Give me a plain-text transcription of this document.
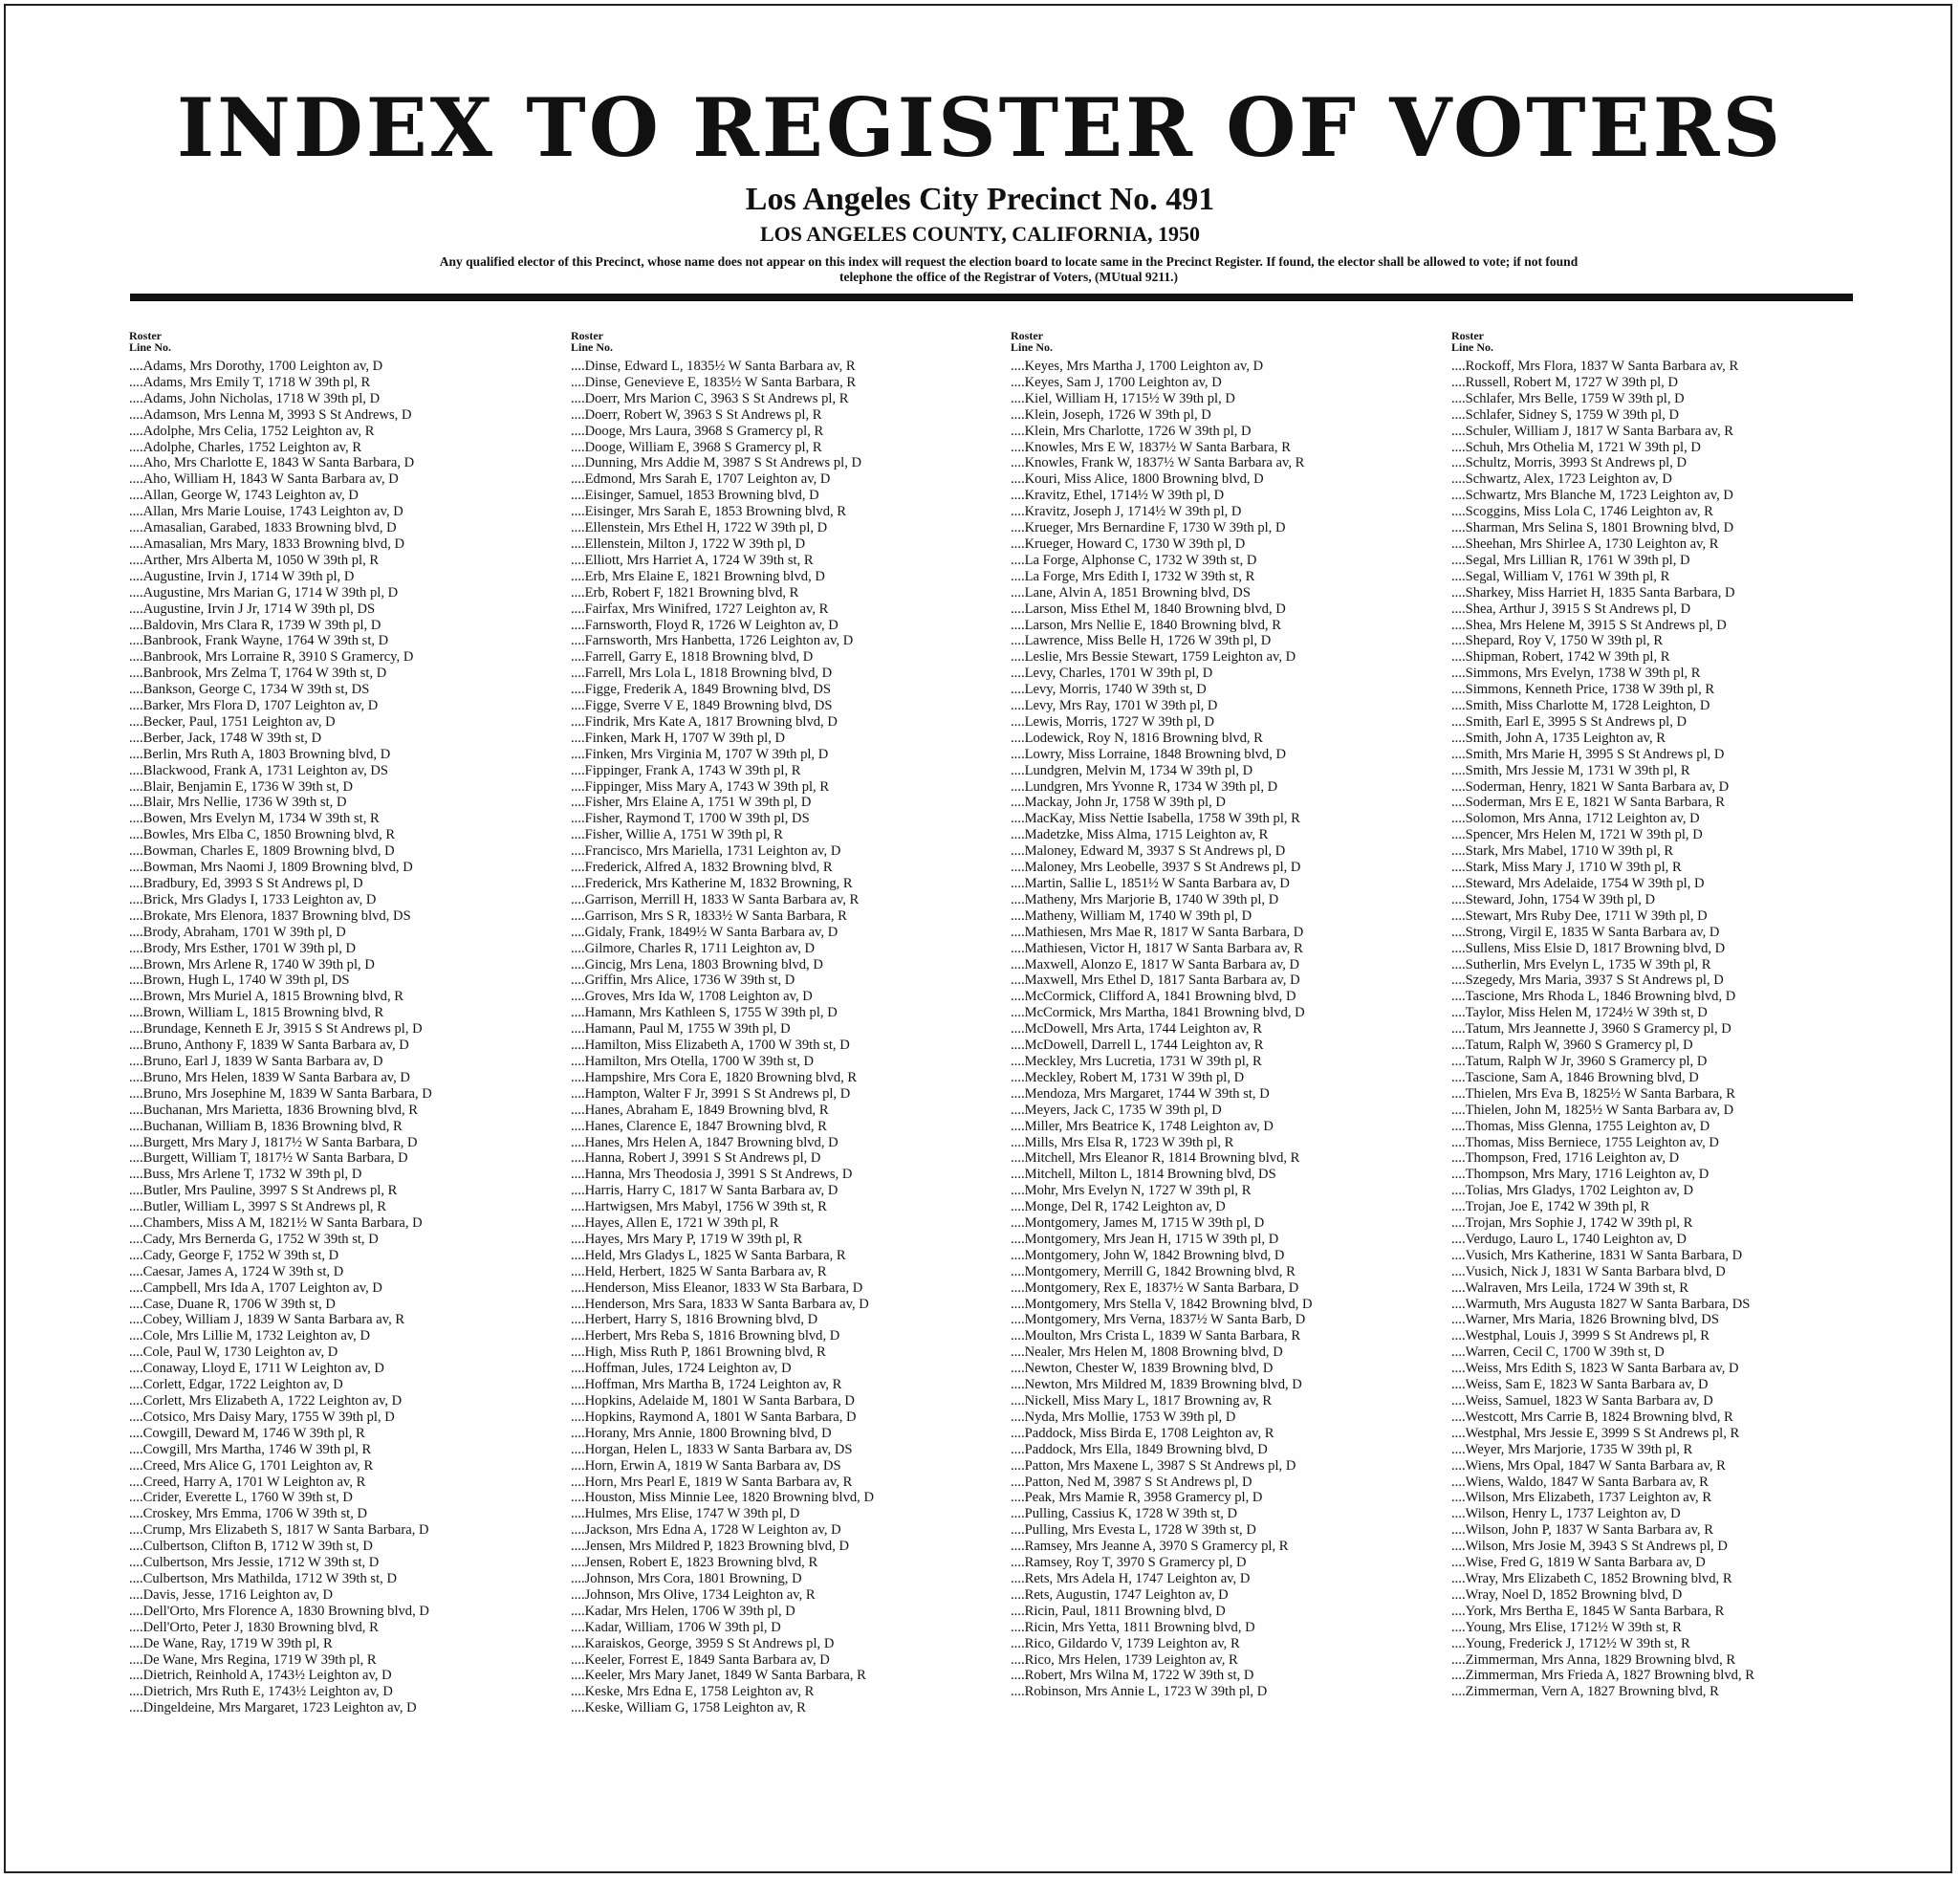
INDEX TO REGISTER OF VOTERS
Los Angeles City Precinct No. 491
LOS ANGELES COUNTY, CALIFORNIA, 1950

Any qualified elector of this Precinct, whose name does not appear on this index will request the election board to locate same in the Precinct Register. If found, the elector shall be allowed to vote; if not found telephone the office of the Registrar of Voters, (MUtual 9211.)

Roster
Line No.
....Adams, Mrs Dorothy, 1700 Leighton av, D
....Adams, Mrs Emily T, 1718 W 39th pl, R
....Adams, John Nicholas, 1718 W 39th pl, D
....Adamson, Mrs Lenna M, 3993 S St Andrews, D
....Adolphe, Mrs Celia, 1752 Leighton av, R
....Adolphe, Charles, 1752 Leighton av, R
....Aho, Mrs Charlotte E, 1843 W Santa Barbara, D
....Aho, William H, 1843 W Santa Barbara av, D
....Allan, George W, 1743 Leighton av, D
....Allan, Mrs Marie Louise, 1743 Leighton av, D
....Amasalian, Garabed, 1833 Browning blvd, D
....Amasalian, Mrs Mary, 1833 Browning blvd, D
....Arther, Mrs Alberta M, 1050 W 39th pl, R
....Augustine, Irvin J, 1714 W 39th pl, D
....Augustine, Mrs Marian G, 1714 W 39th pl, D
....Augustine, Irvin J Jr, 1714 W 39th pl, DS
....Baldovin, Mrs Clara R, 1739 W 39th pl, D
....Banbrook, Frank Wayne, 1764 W 39th st, D
....Banbrook, Mrs Lorraine R, 3910 S Gramercy, D
....Banbrook, Mrs Zelma T, 1764 W 39th st, D
....Bankson, George C, 1734 W 39th st, DS
....Barker, Mrs Flora D, 1707 Leighton av, D
....Becker, Paul, 1751 Leighton av, D
....Berber, Jack, 1748 W 39th st, D
....Berlin, Mrs Ruth A, 1803 Browning blvd, D
....Blackwood, Frank A, 1731 Leighton av, DS
....Blair, Benjamin E, 1736 W 39th st, D
....Blair, Mrs Nellie, 1736 W 39th st, D
....Bowen, Mrs Evelyn M, 1734 W 39th st, R
....Bowles, Mrs Elba C, 1850 Browning blvd, R
....Bowman, Charles E, 1809 Browning blvd, D
....Bowman, Mrs Naomi J, 1809 Browning blvd, D
....Bradbury, Ed, 3993 S St Andrews pl, D
....Brick, Mrs Gladys I, 1733 Leighton av, D
....Brokate, Mrs Elenora, 1837 Browning blvd, DS
....Brody, Abraham, 1701 W 39th pl, D
....Brody, Mrs Esther, 1701 W 39th pl, D
....Brown, Mrs Arlene R, 1740 W 39th pl, D
....Brown, Hugh L, 1740 W 39th pl, DS
....Brown, Mrs Muriel A, 1815 Browning blvd, R
....Brown, William L, 1815 Browning blvd, R
....Brundage, Kenneth E Jr, 3915 S St Andrews pl, D
....Bruno, Anthony F, 1839 W Santa Barbara av, D
....Bruno, Earl J, 1839 W Santa Barbara av, D
....Bruno, Mrs Helen, 1839 W Santa Barbara av, D
....Bruno, Mrs Josephine M, 1839 W Santa Barbara, D
....Buchanan, Mrs Marietta, 1836 Browning blvd, R
....Buchanan, William B, 1836 Browning blvd, R
....Burgett, Mrs Mary J, 1817½ W Santa Barbara, D
....Burgett, William T, 1817½ W Santa Barbara, D
....Buss, Mrs Arlene T, 1732 W 39th pl, D
....Butler, Mrs Pauline, 3997 S St Andrews pl, R
....Butler, William L, 3997 S St Andrews pl, R
....Chambers, Miss A M, 1821½ W Santa Barbara, D
....Cady, Mrs Bernerda G, 1752 W 39th st, D
....Cady, George F, 1752 W 39th st, D
....Caesar, James A, 1724 W 39th st, D
....Campbell, Mrs Ida A, 1707 Leighton av, D
....Case, Duane R, 1706 W 39th st, D
....Cobey, William J, 1839 W Santa Barbara av, R
....Cole, Mrs Lillie M, 1732 Leighton av, D
....Cole, Paul W, 1730 Leighton av, D
....Conaway, Lloyd E, 1711 W Leighton av, D
....Corlett, Edgar, 1722 Leighton av, D
....Corlett, Mrs Elizabeth A, 1722 Leighton av, D
....Cotsico, Mrs Daisy Mary, 1755 W 39th pl, D
....Cowgill, Deward M, 1746 W 39th pl, R
....Cowgill, Mrs Martha, 1746 W 39th pl, R
....Creed, Mrs Alice G, 1701 Leighton av, R
....Creed, Harry A, 1701 W Leighton av, R
....Crider, Everette L, 1760 W 39th st, D
....Croskey, Mrs Emma, 1706 W 39th st, D
....Crump, Mrs Elizabeth S, 1817 W Santa Barbara, D
....Culbertson, Clifton B, 1712 W 39th st, D
....Culbertson, Mrs Jessie, 1712 W 39th st, D
....Culbertson, Mrs Mathilda, 1712 W 39th st, D
....Davis, Jesse, 1716 Leighton av, D
....Dell'Orto, Mrs Florence A, 1830 Browning blvd, D
....Dell'Orto, Peter J, 1830 Browning blvd, R
....De Wane, Ray, 1719 W 39th pl, R
....De Wane, Mrs Regina, 1719 W 39th pl, R
....Dietrich, Reinhold A, 1743½ Leighton av, D
....Dietrich, Mrs Ruth E, 1743½ Leighton av, D
....Dingeldeine, Mrs Margaret, 1723 Leighton av, D
Roster
Line No.
....Dinse, Edward L, 1835½ W Santa Barbara av, R
....Dinse, Genevieve E, 1835½ W Santa Barbara, R
....Doerr, Mrs Marion C, 3963 S St Andrews pl, R
....Doerr, Robert W, 3963 S St Andrews pl, R
....Dooge, Mrs Laura, 3968 S Gramercy pl, R
....Dooge, William E, 3968 S Gramercy pl, R
....Dunning, Mrs Addie M, 3987 S St Andrews pl, D
....Edmond, Mrs Sarah E, 1707 Leighton av, D
....Eisinger, Samuel, 1853 Browning blvd, D
....Eisinger, Mrs Sarah E, 1853 Browning blvd, R
....Ellenstein, Mrs Ethel H, 1722 W 39th pl, D
....Ellenstein, Milton J, 1722 W 39th pl, D
....Elliott, Mrs Harriet A, 1724 W 39th st, R
....Erb, Mrs Elaine E, 1821 Browning blvd, D
....Erb, Robert F, 1821 Browning blvd, R
....Fairfax, Mrs Winifred, 1727 Leighton av, R
....Farnsworth, Floyd R, 1726 W Leighton av, D
....Farnsworth, Mrs Hanbetta, 1726 Leighton av, D
....Farrell, Garry E, 1818 Browning blvd, D
....Farrell, Mrs Lola L, 1818 Browning blvd, D
....Figge, Frederik A, 1849 Browning blvd, DS
....Figge, Sverre V E, 1849 Browning blvd, DS
....Findrik, Mrs Kate A, 1817 Browning blvd, D
....Finken, Mark H, 1707 W 39th pl, D
....Finken, Mrs Virginia M, 1707 W 39th pl, D
....Fippinger, Frank A, 1743 W 39th pl, R
....Fippinger, Miss Mary A, 1743 W 39th pl, R
....Fisher, Mrs Elaine A, 1751 W 39th pl, D
....Fisher, Raymond T, 1700 W 39th pl, DS
....Fisher, Willie A, 1751 W 39th pl, R
....Francisco, Mrs Mariella, 1731 Leighton av, D
....Frederick, Alfred A, 1832 Browning blvd, R
....Frederick, Mrs Katherine M, 1832 Browning, R
....Garrison, Merrill H, 1833 W Santa Barbara av, R
....Garrison, Mrs S R, 1833½ W Santa Barbara, R
....Gidaly, Frank, 1849½ W Santa Barbara av, D
....Gilmore, Charles R, 1711 Leighton av, D
....Gincig, Mrs Lena, 1803 Browning blvd, D
....Griffin, Mrs Alice, 1736 W 39th st, D
....Groves, Mrs Ida W, 1708 Leighton av, D
....Hamann, Mrs Kathleen S, 1755 W 39th pl, D
....Hamann, Paul M, 1755 W 39th pl, D
....Hamilton, Miss Elizabeth A, 1700 W 39th st, D
....Hamilton, Mrs Otella, 1700 W 39th st, D
....Hampshire, Mrs Cora E, 1820 Browning blvd, R
....Hampton, Walter F Jr, 3991 S St Andrews pl, D
....Hanes, Abraham E, 1849 Browning blvd, R
....Hanes, Clarence E, 1847 Browning blvd, R
....Hanes, Mrs Helen A, 1847 Browning blvd, D
....Hanna, Robert J, 3991 S St Andrews pl, D
....Hanna, Mrs Theodosia J, 3991 S St Andrews, D
....Harris, Harry C, 1817 W Santa Barbara av, D
....Hartwigsen, Mrs Mabyl, 1756 W 39th st, R
....Hayes, Allen E, 1721 W 39th pl, R
....Hayes, Mrs Mary P, 1719 W 39th pl, R
....Held, Mrs Gladys L, 1825 W Santa Barbara, R
....Held, Herbert, 1825 W Santa Barbara av, R
....Henderson, Miss Eleanor, 1833 W Sta Barbara, D
....Henderson, Mrs Sara, 1833 W Santa Barbara av, D
....Herbert, Harry S, 1816 Browning blvd, D
....Herbert, Mrs Reba S, 1816 Browning blvd, D
....High, Miss Ruth P, 1861 Browning blvd, R
....Hoffman, Jules, 1724 Leighton av, D
....Hoffman, Mrs Martha B, 1724 Leighton av, R
....Hopkins, Adelaide M, 1801 W Santa Barbara, D
....Hopkins, Raymond A, 1801 W Santa Barbara, D
....Horany, Mrs Annie, 1800 Browning blvd, D
....Horgan, Helen L, 1833 W Santa Barbara av, DS
....Horn, Erwin A, 1819 W Santa Barbara av, DS
....Horn, Mrs Pearl E, 1819 W Santa Barbara av, R
....Houston, Miss Minnie Lee, 1820 Browning blvd, D
....Hulmes, Mrs Elise, 1747 W 39th pl, D
....Jackson, Mrs Edna A, 1728 W Leighton av, D
....Jensen, Mrs Mildred P, 1823 Browning blvd, D
....Jensen, Robert E, 1823 Browning blvd, R
....Johnson, Mrs Cora, 1801 Browning, D
....Johnson, Mrs Olive, 1734 Leighton av, R
....Kadar, Mrs Helen, 1706 W 39th pl, D
....Kadar, William, 1706 W 39th pl, D
....Karaiskos, George, 3959 S St Andrews pl, D
....Keeler, Forrest E, 1849 Santa Barbara av, D
....Keeler, Mrs Mary Janet, 1849 W Santa Barbara, R
....Keske, Mrs Edna E, 1758 Leighton av, R
....Keske, William G, 1758 Leighton av, R
Roster
Line No.
....Keyes, Mrs Martha J, 1700 Leighton av, D
....Keyes, Sam J, 1700 Leighton av, D
....Kiel, William H, 1715½ W 39th pl, D
....Klein, Joseph, 1726 W 39th pl, D
....Klein, Mrs Charlotte, 1726 W 39th pl, D
....Knowles, Mrs E W, 1837½ W Santa Barbara, R
....Knowles, Frank W, 1837½ W Santa Barbara av, R
....Kouri, Miss Alice, 1800 Browning blvd, D
....Kravitz, Ethel, 1714½ W 39th pl, D
....Kravitz, Joseph J, 1714½ W 39th pl, D
....Krueger, Mrs Bernardine F, 1730 W 39th pl, D
....Krueger, Howard C, 1730 W 39th pl, D
....La Forge, Alphonse C, 1732 W 39th st, D
....La Forge, Mrs Edith I, 1732 W 39th st, R
....Lane, Alvin A, 1851 Browning blvd, DS
....Larson, Miss Ethel M, 1840 Browning blvd, D
....Larson, Mrs Nellie E, 1840 Browning blvd, R
....Lawrence, Miss Belle H, 1726 W 39th pl, D
....Leslie, Mrs Bessie Stewart, 1759 Leighton av, D
....Levy, Charles, 1701 W 39th pl, D
....Levy, Morris, 1740 W 39th st, D
....Levy, Mrs Ray, 1701 W 39th pl, D
....Lewis, Morris, 1727 W 39th pl, D
....Lodewick, Roy N, 1816 Browning blvd, R
....Lowry, Miss Lorraine, 1848 Browning blvd, D
....Lundgren, Melvin M, 1734 W 39th pl, D
....Lundgren, Mrs Yvonne R, 1734 W 39th pl, D
....Mackay, John Jr, 1758 W 39th pl, D
....MacKay, Miss Nettie Isabella, 1758 W 39th pl, R
....Madetzke, Miss Alma, 1715 Leighton av, R
....Maloney, Edward M, 3937 S St Andrews pl, D
....Maloney, Mrs Leobelle, 3937 S St Andrews pl, D
....Martin, Sallie L, 1851½ W Santa Barbara av, D
....Matheny, Mrs Marjorie B, 1740 W 39th pl, D
....Matheny, William M, 1740 W 39th pl, D
....Mathiesen, Mrs Mae R, 1817 W Santa Barbara, D
....Mathiesen, Victor H, 1817 W Santa Barbara av, R
....Maxwell, Alonzo E, 1817 W Santa Barbara av, D
....Maxwell, Mrs Ethel D, 1817 Santa Barbara av, D
....McCormick, Clifford A, 1841 Browning blvd, D
....McCormick, Mrs Martha, 1841 Browning blvd, D
....McDowell, Mrs Arta, 1744 Leighton av, R
....McDowell, Darrell L, 1744 Leighton av, R
....Meckley, Mrs Lucretia, 1731 W 39th pl, R
....Meckley, Robert M, 1731 W 39th pl, D
....Mendoza, Mrs Margaret, 1744 W 39th st, D
....Meyers, Jack C, 1735 W 39th pl, D
....Miller, Mrs Beatrice K, 1748 Leighton av, D
....Mills, Mrs Elsa R, 1723 W 39th pl, R
....Mitchell, Mrs Eleanor R, 1814 Browning blvd, R
....Mitchell, Milton L, 1814 Browning blvd, DS
....Mohr, Mrs Evelyn N, 1727 W 39th pl, R
....Monge, Del R, 1742 Leighton av, D
....Montgomery, James M, 1715 W 39th pl, D
....Montgomery, Mrs Jean H, 1715 W 39th pl, D
....Montgomery, John W, 1842 Browning blvd, D
....Montgomery, Merrill G, 1842 Browning blvd, R
....Montgomery, Rex E, 1837½ W Santa Barbara, D
....Montgomery, Mrs Stella V, 1842 Browning blvd, D
....Montgomery, Mrs Verna, 1837½ W Santa Barb, D
....Moulton, Mrs Crista L, 1839 W Santa Barbara, R
....Nealer, Mrs Helen M, 1808 Browning blvd, D
....Newton, Chester W, 1839 Browning blvd, D
....Newton, Mrs Mildred M, 1839 Browning blvd, D
....Nickell, Miss Mary L, 1817 Browning av, R
....Nyda, Mrs Mollie, 1753 W 39th pl, D
....Paddock, Miss Birda E, 1708 Leighton av, R
....Paddock, Mrs Ella, 1849 Browning blvd, D
....Patton, Mrs Maxene L, 3987 S St Andrews pl, D
....Patton, Ned M, 3987 S St Andrews pl, D
....Peak, Mrs Mamie R, 3958 Gramercy pl, D
....Pulling, Cassius K, 1728 W 39th st, D
....Pulling, Mrs Evesta L, 1728 W 39th st, D
....Ramsey, Mrs Jeanne A, 3970 S Gramercy pl, R
....Ramsey, Roy T, 3970 S Gramercy pl, D
....Rets, Mrs Adela H, 1747 Leighton av, D
....Rets, Augustin, 1747 Leighton av, D
....Ricin, Paul, 1811 Browning blvd, D
....Ricin, Mrs Yetta, 1811 Browning blvd, D
....Rico, Gildardo V, 1739 Leighton av, R
....Rico, Mrs Helen, 1739 Leighton av, R
....Robert, Mrs Wilna M, 1722 W 39th st, D
....Robinson, Mrs Annie L, 1723 W 39th pl, D
Roster
Line No.
....Rockoff, Mrs Flora, 1837 W Santa Barbara av, R
....Russell, Robert M, 1727 W 39th pl, D
....Schlafer, Mrs Belle, 1759 W 39th pl, D
....Schlafer, Sidney S, 1759 W 39th pl, D
....Schuler, William J, 1817 W Santa Barbara av, R
....Schuh, Mrs Othelia M, 1721 W 39th pl, D
....Schultz, Morris, 3993 St Andrews pl, D
....Schwartz, Alex, 1723 Leighton av, D
....Schwartz, Mrs Blanche M, 1723 Leighton av, D
....Scoggins, Miss Lola C, 1746 Leighton av, R
....Sharman, Mrs Selina S, 1801 Browning blvd, D
....Sheehan, Mrs Shirlee A, 1730 Leighton av, R
....Segal, Mrs Lillian R, 1761 W 39th pl, D
....Segal, William V, 1761 W 39th pl, R
....Sharkey, Miss Harriet H, 1835 Santa Barbara, D
....Shea, Arthur J, 3915 S St Andrews pl, D
....Shea, Mrs Helene M, 3915 S St Andrews pl, D
....Shepard, Roy V, 1750 W 39th pl, R
....Shipman, Robert, 1742 W 39th pl, R
....Simmons, Mrs Evelyn, 1738 W 39th pl, R
....Simmons, Kenneth Price, 1738 W 39th pl, R
....Smith, Miss Charlotte M, 1728 Leighton, D
....Smith, Earl E, 3995 S St Andrews pl, D
....Smith, John A, 1735 Leighton av, R
....Smith, Mrs Marie H, 3995 S St Andrews pl, D
....Smith, Mrs Jessie M, 1731 W 39th pl, R
....Soderman, Henry, 1821 W Santa Barbara av, D
....Soderman, Mrs E E, 1821 W Santa Barbara, R
....Solomon, Mrs Anna, 1712 Leighton av, D
....Spencer, Mrs Helen M, 1721 W 39th pl, D
....Stark, Mrs Mabel, 1710 W 39th pl, R
....Stark, Miss Mary J, 1710 W 39th pl, R
....Steward, Mrs Adelaide, 1754 W 39th pl, D
....Steward, John, 1754 W 39th pl, D
....Stewart, Mrs Ruby Dee, 1711 W 39th pl, D
....Strong, Virgil E, 1835 W Santa Barbara av, D
....Sullens, Miss Elsie D, 1817 Browning blvd, D
....Sutherlin, Mrs Evelyn L, 1735 W 39th pl, R
....Szegedy, Mrs Maria, 3937 S St Andrews pl, D
....Tascione, Mrs Rhoda L, 1846 Browning blvd, D
....Taylor, Miss Helen M, 1724½ W 39th st, D
....Tatum, Mrs Jeannette J, 3960 S Gramercy pl, D
....Tatum, Ralph W, 3960 S Gramercy pl, D
....Tatum, Ralph W Jr, 3960 S Gramercy pl, D
....Tascione, Sam A, 1846 Browning blvd, D
....Thielen, Mrs Eva B, 1825½ W Santa Barbara, R
....Thielen, John M, 1825½ W Santa Barbara av, D
....Thomas, Miss Glenna, 1755 Leighton av, D
....Thomas, Miss Berniece, 1755 Leighton av, D
....Thompson, Fred, 1716 Leighton av, D
....Thompson, Mrs Mary, 1716 Leighton av, D
....Tolias, Mrs Gladys, 1702 Leighton av, D
....Trojan, Joe E, 1742 W 39th pl, R
....Trojan, Mrs Sophie J, 1742 W 39th pl, R
....Verdugo, Lauro L, 1740 Leighton av, D
....Vusich, Mrs Katherine, 1831 W Santa Barbara, D
....Vusich, Nick J, 1831 W Santa Barbara blvd, D
....Walraven, Mrs Leila, 1724 W 39th st, R
....Warmuth, Mrs Augusta 1827 W Santa Barbara, DS
....Warner, Mrs Maria, 1826 Browning blvd, DS
....Westphal, Louis J, 3999 S St Andrews pl, R
....Warren, Cecil C, 1700 W 39th st, D
....Weiss, Mrs Edith S, 1823 W Santa Barbara av, D
....Weiss, Sam E, 1823 W Santa Barbara av, D
....Weiss, Samuel, 1823 W Santa Barbara av, D
....Westcott, Mrs Carrie B, 1824 Browning blvd, R
....Westphal, Mrs Jessie E, 3999 S St Andrews pl, R
....Weyer, Mrs Marjorie, 1735 W 39th pl, R
....Wiens, Mrs Opal, 1847 W Santa Barbara av, R
....Wiens, Waldo, 1847 W Santa Barbara av, R
....Wilson, Mrs Elizabeth, 1737 Leighton av, R
....Wilson, Henry L, 1737 Leighton av, D
....Wilson, John P, 1837 W Santa Barbara av, R
....Wilson, Mrs Josie M, 3943 S St Andrews pl, D
....Wise, Fred G, 1819 W Santa Barbara av, D
....Wray, Mrs Elizabeth C, 1852 Browning blvd, R
....Wray, Noel D, 1852 Browning blvd, D
....York, Mrs Bertha E, 1845 W Santa Barbara, R
....Young, Mrs Elise, 1712½ W 39th st, R
....Young, Frederick J, 1712½ W 39th st, R
....Zimmerman, Mrs Anna, 1829 Browning blvd, R
....Zimmerman, Mrs Frieda A, 1827 Browning blvd, R
....Zimmerman, Vern A, 1827 Browning blvd, R
